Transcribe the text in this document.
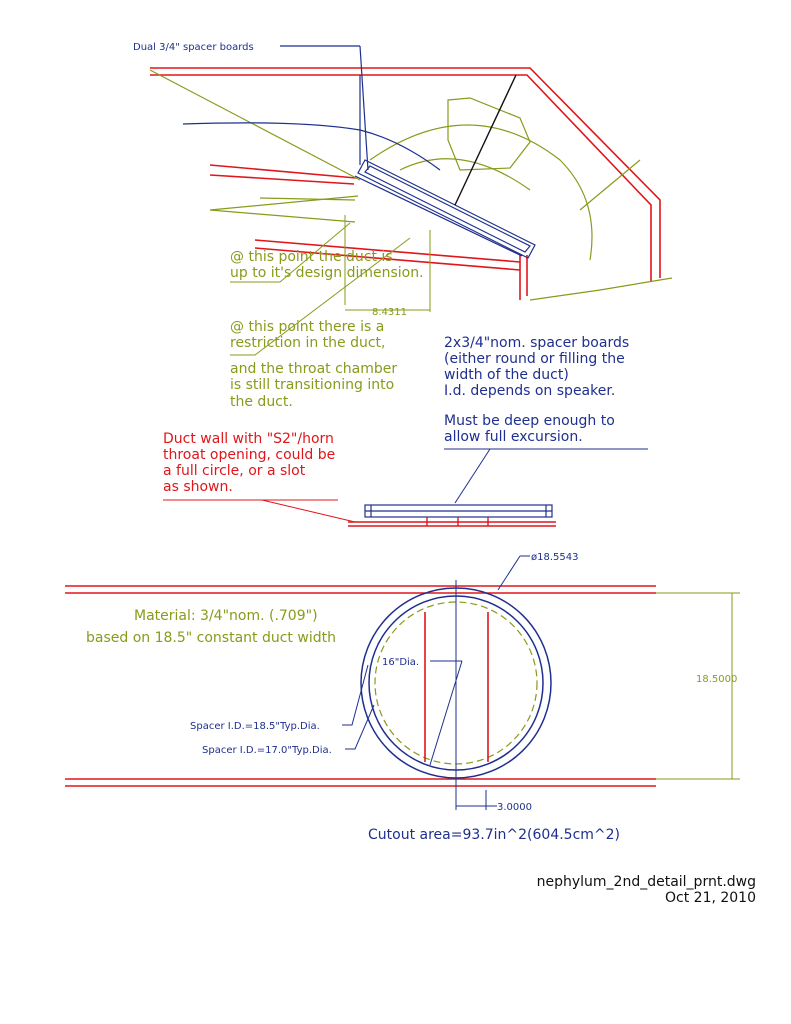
8.4311
Dual 3/4" spacer boards
@ this point the duct is
up to it's design dimension.
@ this point there is a
restriction in the duct,
and the throat chamber
is still transitioning into
the duct.
2x3/4"nom. spacer boards
(either round or filling the
width of the duct)
I.d. depends on speaker.
Must be deep enough to
allow full excursion.
Duct wall with "S2"/horn
throat opening, could be
a full circle, or a slot
as shown.
ø18.5543
Material: 3/4"nom. (.709")
based on 18.5" constant duct width
16"Dia.
Spacer I.D.=18.5"Typ.Dia.
Spacer I.D.=17.0"Typ.Dia.
18.5000
3.0000
Cutout area=93.7in^2(604.5cm^2)
nephylum_2nd_detail_prnt.dwg
Oct 21, 2010
